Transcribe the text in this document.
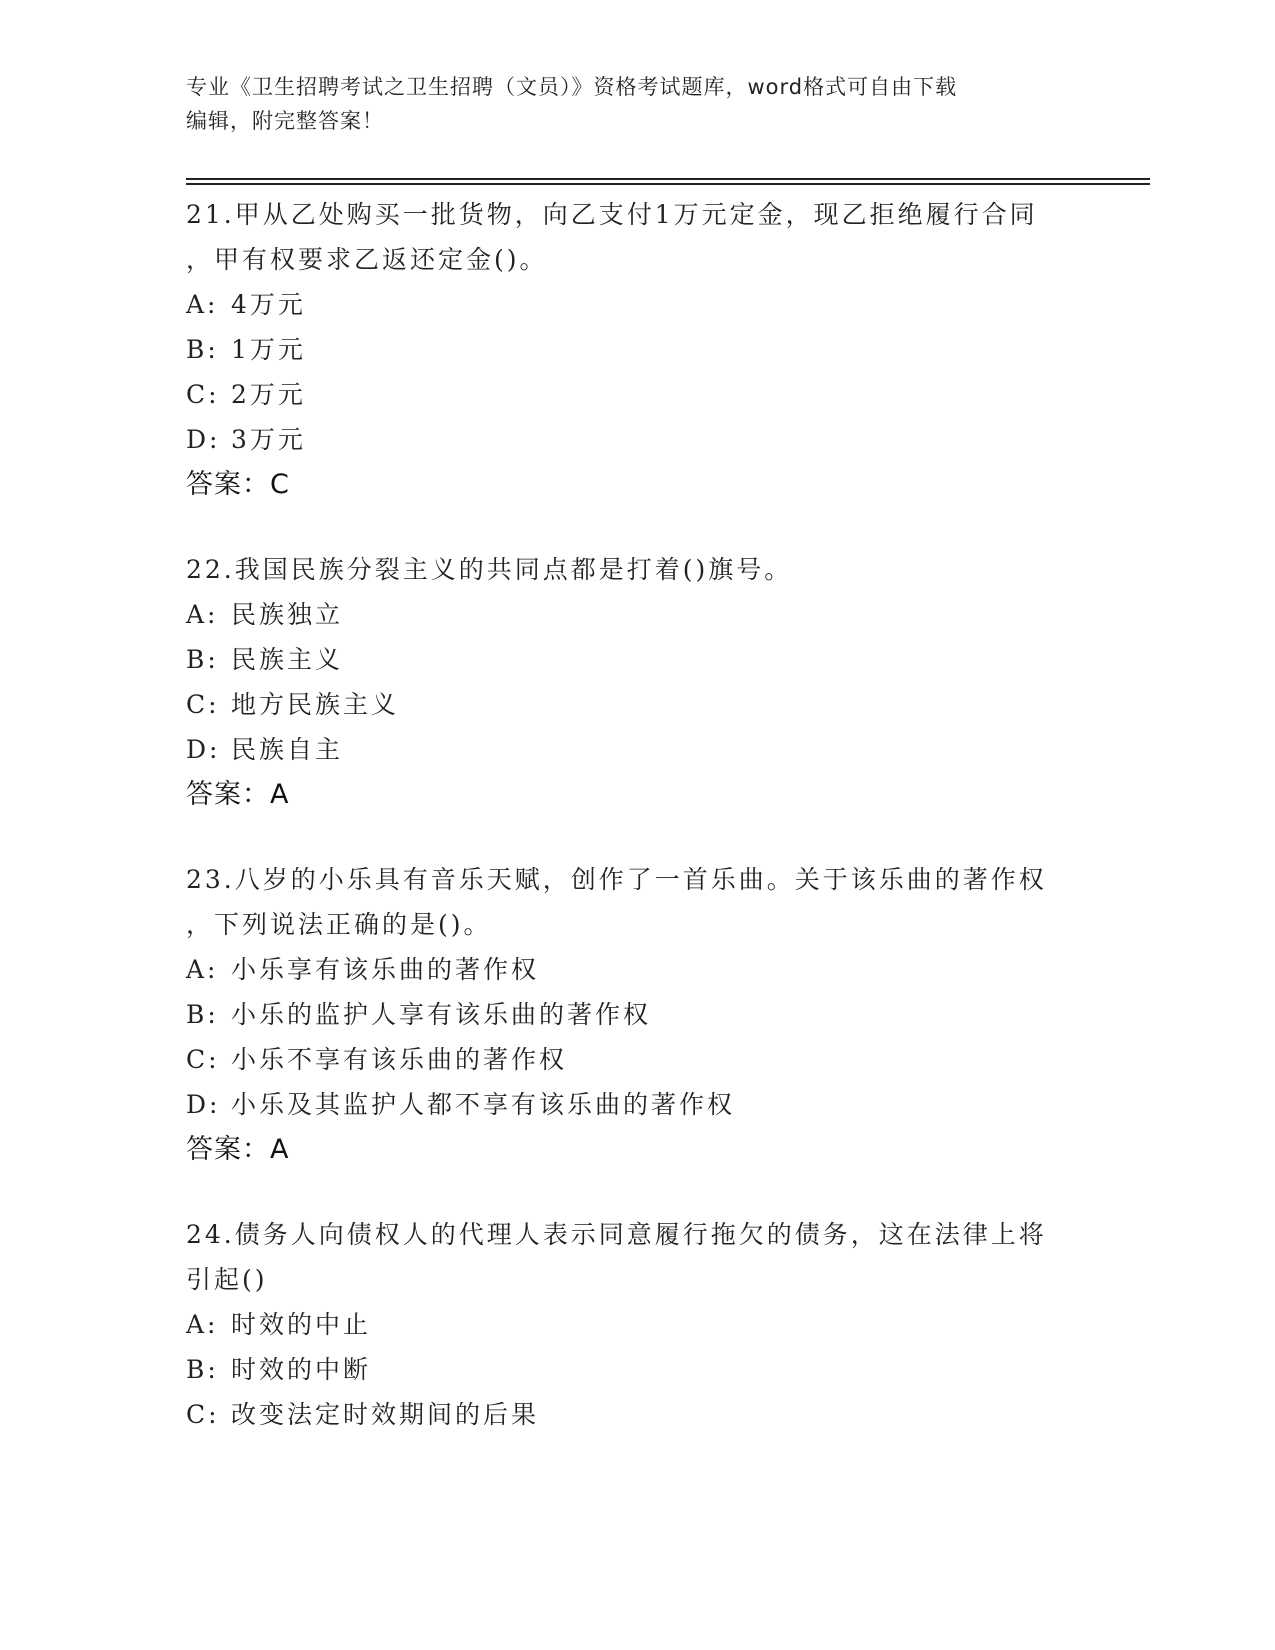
专业《卫生招聘考试之卫生招聘（文员）》资格考试题库，word格式可自由下载
编辑，附完整答案！
21.甲从乙处购买一批货物，向乙支付1万元定金，现乙拒绝履行合同
，甲有权要求乙返还定金()。
A: 4万元
B: 1万元
C: 2万元
D: 3万元
答案：C
22.我国民族分裂主义的共同点都是打着()旗号。
A: 民族独立
B: 民族主义
C: 地方民族主义
D: 民族自主
答案：A
23.八岁的小乐具有音乐天赋，创作了一首乐曲。关于该乐曲的著作权
，下列说法正确的是()。
A: 小乐享有该乐曲的著作权
B: 小乐的监护人享有该乐曲的著作权
C: 小乐不享有该乐曲的著作权
D: 小乐及其监护人都不享有该乐曲的著作权
答案：A
24.债务人向债权人的代理人表示同意履行拖欠的债务，这在法律上将
引起()
A: 时效的中止
B: 时效的中断
C: 改变法定时效期间的后果
